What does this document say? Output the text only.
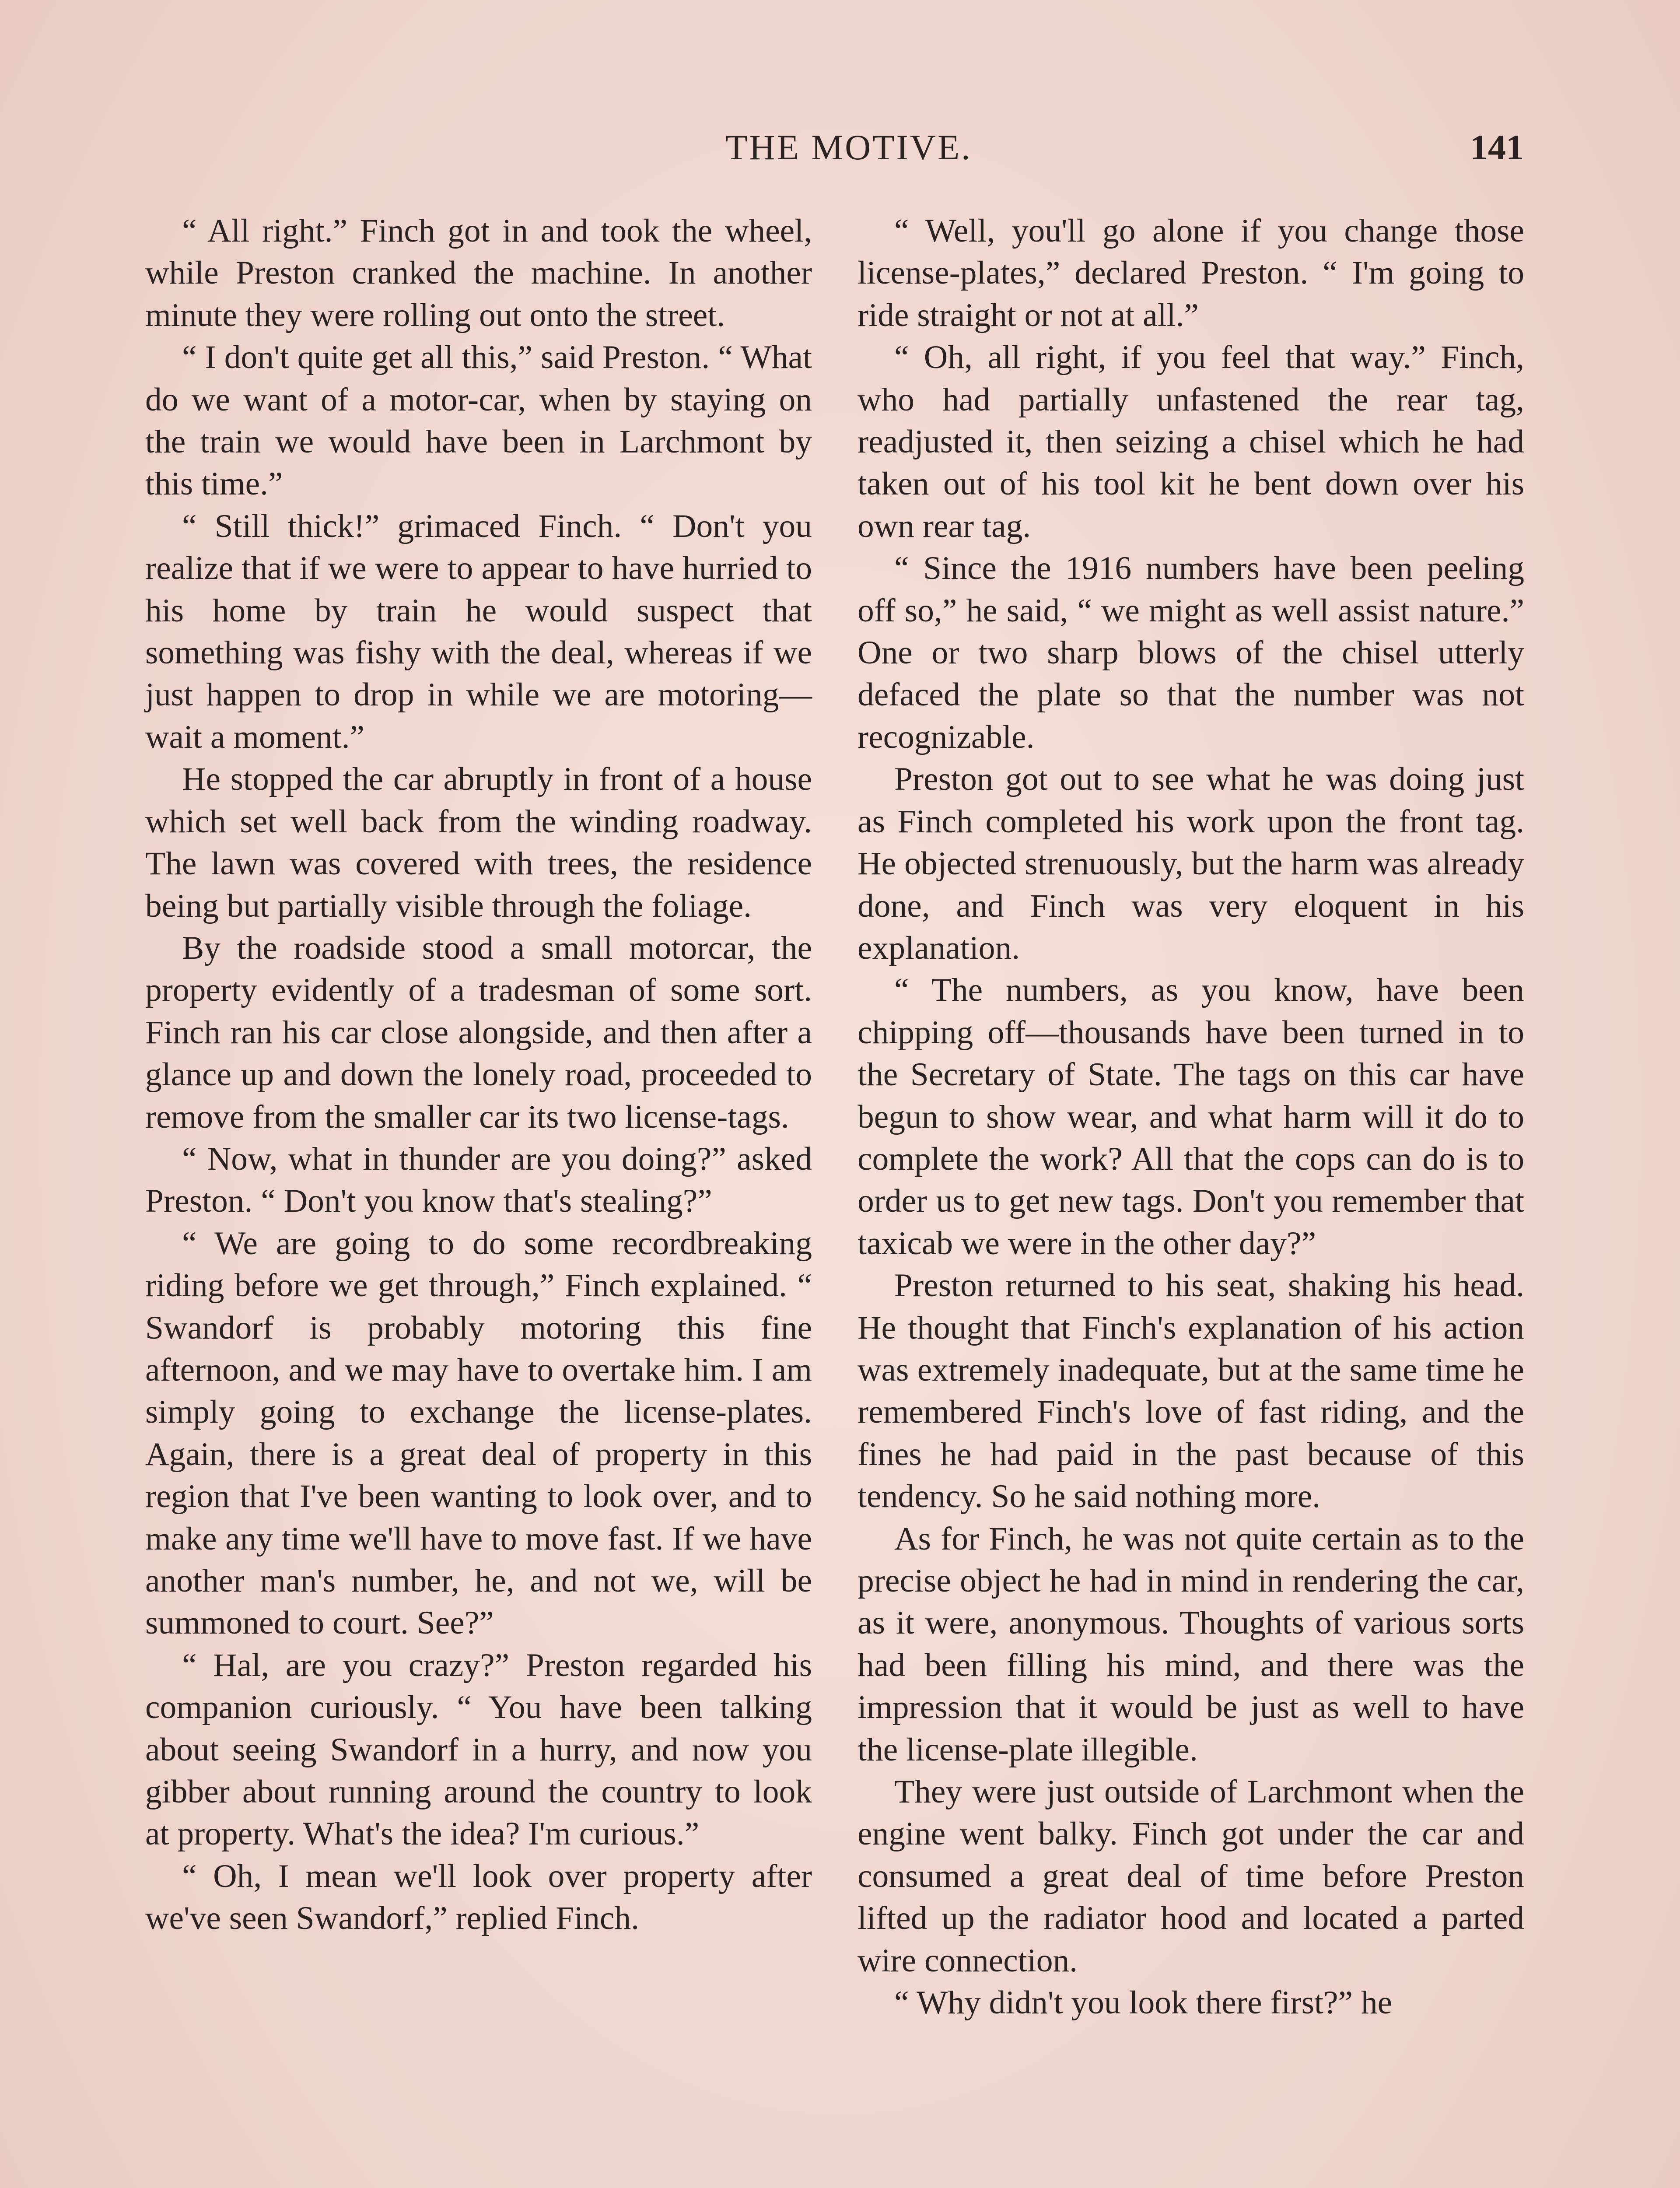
THE MOTIVE.	141

“ All right.” Finch got in and took the wheel, while Preston cranked the machine. In another minute they were rolling out onto the street.

“ I don't quite get all this,” said Preston. “ What do we want of a motor-car, when by staying on the train we would have been in Larchmont by this time.”

“ Still thick!” grimaced Finch. “ Don't you realize that if we were to appear to have hurried to his home by train he would suspect that something was fishy with the deal, whereas if we just happen to drop in while we are motoring—wait a moment.”

He stopped the car abruptly in front of a house which set well back from the winding roadway. The lawn was covered with trees, the residence being but partially visible through the foliage.

By the roadside stood a small motorcar, the property evidently of a tradesman of some sort. Finch ran his car close alongside, and then after a glance up and down the lonely road, proceeded to remove from the smaller car its two license-tags.

“ Now, what in thunder are you doing?” asked Preston. “ Don't you know that's stealing?”

“ We are going to do some recordbreaking riding before we get through,” Finch explained. “ Swandorf is probably motoring this fine afternoon, and we may have to overtake him. I am simply going to exchange the license-plates. Again, there is a great deal of property in this region that I've been wanting to look over, and to make any time we'll have to move fast. If we have another man's number, he, and not we, will be summoned to court. See?”

“ Hal, are you crazy?” Preston regarded his companion curiously. “ You have been talking about seeing Swandorf in a hurry, and now you gibber about running around the country to look at property. What's the idea? I'm curious.”

“ Oh, I mean we'll look over property after we've seen Swandorf,” replied Finch.

“ Well, you'll go alone if you change those license-plates,” declared Preston. “ I'm going to ride straight or not at all.”

“ Oh, all right, if you feel that way.” Finch, who had partially unfastened the rear tag, readjusted it, then seizing a chisel which he had taken out of his tool kit he bent down over his own rear tag.

“ Since the 1916 numbers have been peeling off so,” he said, “ we might as well assist nature.” One or two sharp blows of the chisel utterly defaced the plate so that the number was not recognizable.

Preston got out to see what he was doing just as Finch completed his work upon the front tag. He objected strenuously, but the harm was already done, and Finch was very eloquent in his explanation.

“ The numbers, as you know, have been chipping off—thousands have been turned in to the Secretary of State. The tags on this car have begun to show wear, and what harm will it do to complete the work? All that the cops can do is to order us to get new tags. Don't you remember that taxicab we were in the other day?”

Preston returned to his seat, shaking his head. He thought that Finch's explanation of his action was extremely inadequate, but at the same time he remembered Finch's love of fast riding, and the fines he had paid in the past because of this tendency. So he said nothing more.

As for Finch, he was not quite certain as to the precise object he had in mind in rendering the car, as it were, anonymous. Thoughts of various sorts had been filling his mind, and there was the impression that it would be just as well to have the license-plate illegible.

They were just outside of Larchmont when the engine went balky. Finch got under the car and consumed a great deal of time before Preston lifted up the radiator hood and located a parted wire connection.

“ Why didn't you look there first?” he
